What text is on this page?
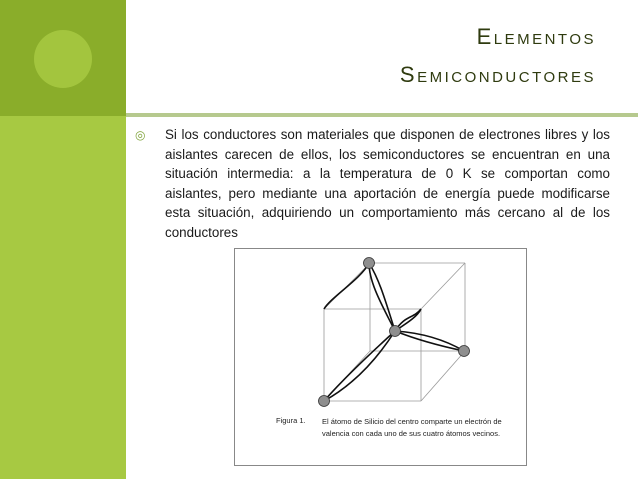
Elementos
Semiconductores
◎ Si los conductores son materiales que disponen de electrones libres y los aislantes carecen de ellos, los semiconductores se encuentran en una situación intermedia: a la temperatura de 0 K se comportan como aislantes, pero mediante una aportación de energía puede modificarse esta situación, adquiriendo un comportamiento más cercano al de los conductores
Figura 1. El átomo de Silicio del centro comparte un electrón de valencia con cada uno de sus cuatro átomos vecinos.
